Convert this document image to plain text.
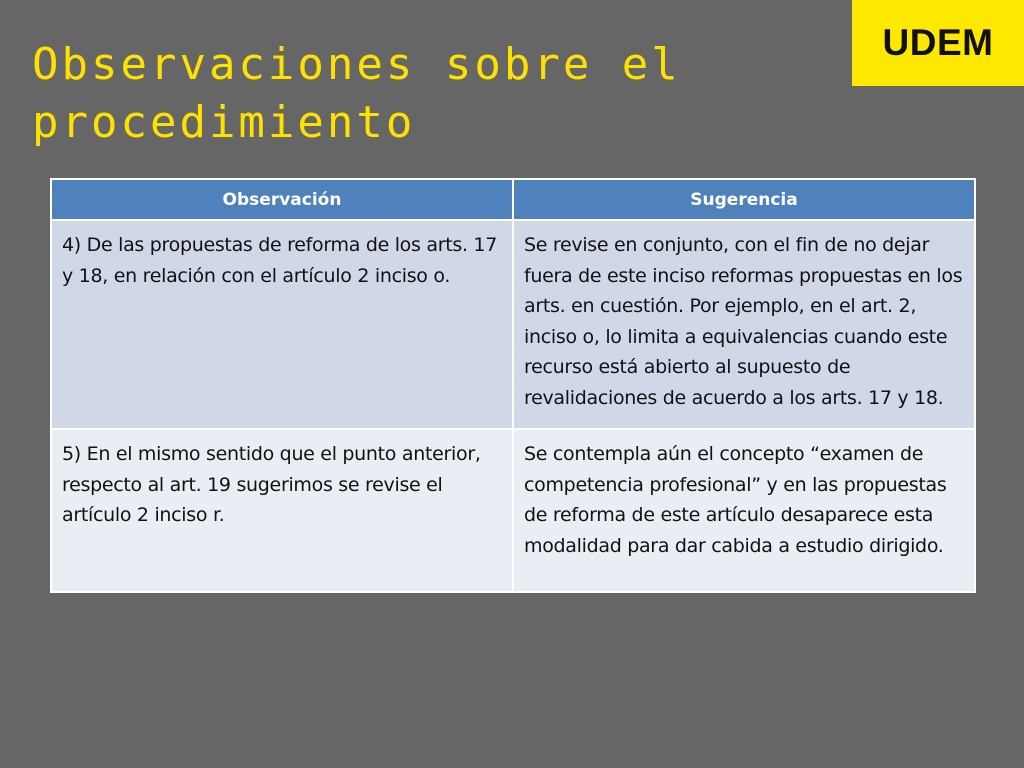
Observaciones sobre el procedimiento
UDEM
Observación	Sugerencia
4) De las propuestas de reforma de los arts. 17 y 18, en relación con el artículo 2 inciso o.	Se revise en conjunto, con el fin de no dejar fuera de este inciso reformas propuestas en los arts. en cuestión. Por ejemplo, en el art. 2, inciso o, lo limita a equivalencias cuando este recurso está abierto al supuesto de revalidaciones de acuerdo a los arts. 17 y 18.
5) En el mismo sentido que el punto anterior, respecto al art. 19 sugerimos se revise el artículo 2 inciso r.	Se contempla aún el concepto “examen de competencia profesional” y en las propuestas de reforma de este artículo desaparece esta modalidad para dar cabida a estudio dirigido.
